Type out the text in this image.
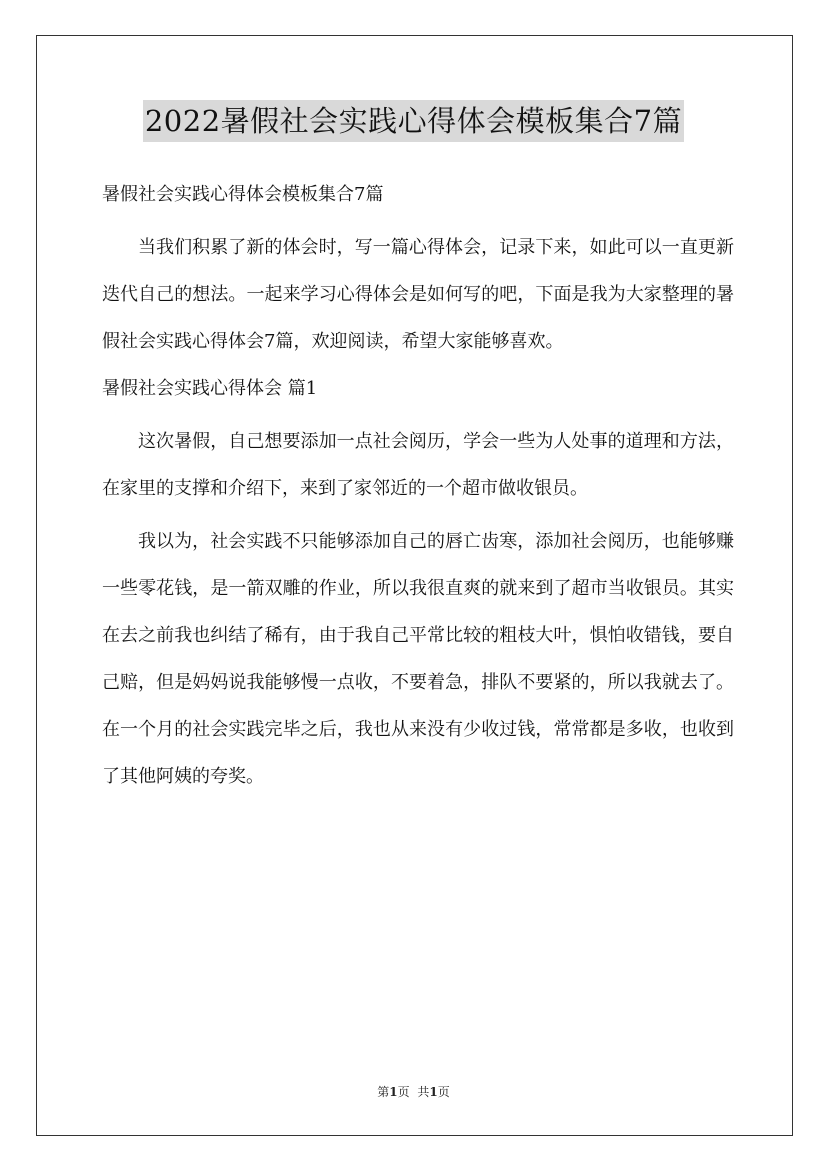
2022暑假社会实践心得体会模板集合7篇

暑假社会实践心得体会模板集合7篇

当我们积累了新的体会时，写一篇心得体会，记录下来，如此可以一直更新迭代自己的想法。一起来学习心得体会是如何写的吧，下面是我为大家整理的暑假社会实践心得体会7篇，欢迎阅读，希望大家能够喜欢。

暑假社会实践心得体会 篇1

这次暑假，自己想要添加一点社会阅历，学会一些为人处事的道理和方法，在家里的支撑和介绍下，来到了家邻近的一个超市做收银员。

我以为，社会实践不只能够添加自己的唇亡齿寒，添加社会阅历，也能够赚一些零花钱，是一箭双雕的作业，所以我很直爽的就来到了超市当收银员。其实在去之前我也纠结了稀有，由于我自己平常比较的粗枝大叶，惧怕收错钱，要自己赔，但是妈妈说我能够慢一点收，不要着急，排队不要紧的，所以我就去了。在一个月的社会实践完毕之后，我也从来没有少收过钱，常常都是多收，也收到了其他阿姨的夸奖。

第1页 共1页
